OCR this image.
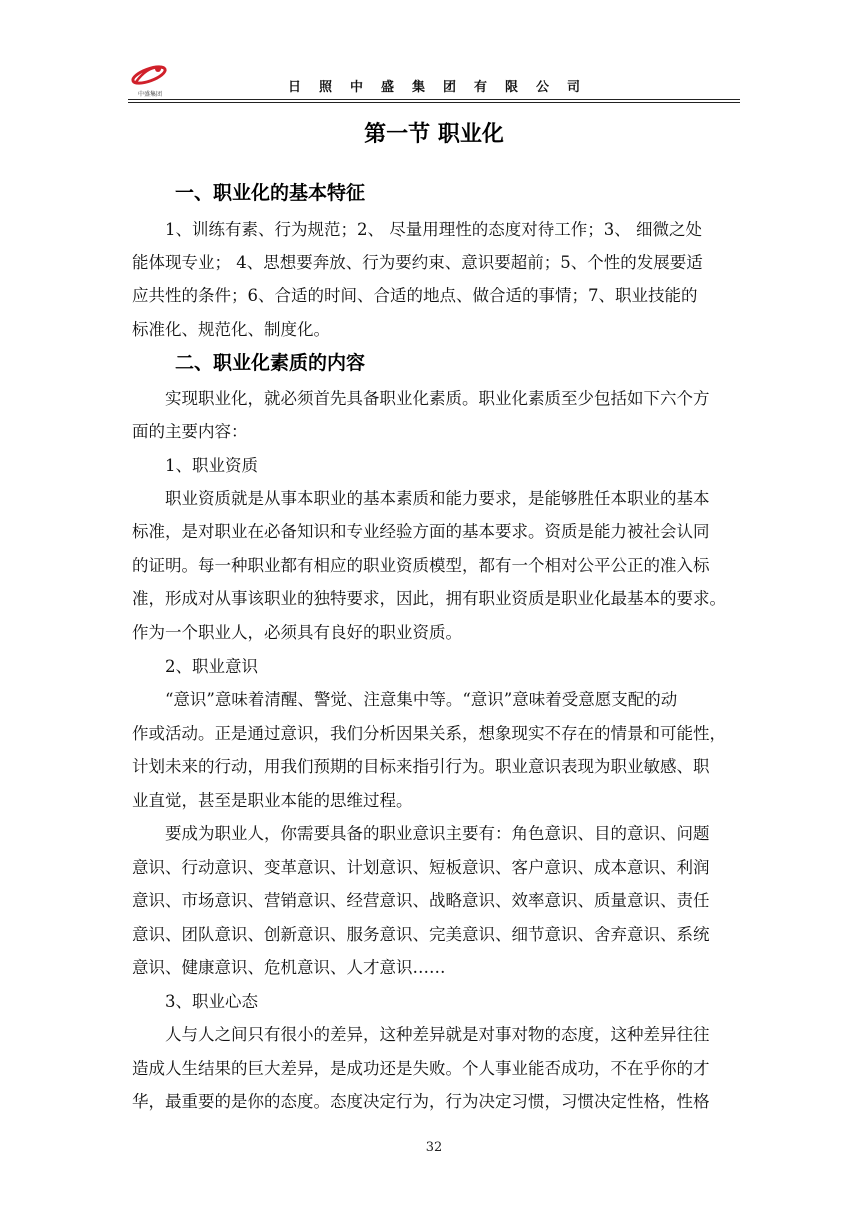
中盛集团	日照中盛集团有限公司
第一节 职业化
一、职业化的基本特征
1、训练有素、行为规范；2、 尽量用理性的态度对待工作；3、 细微之处
能体现专业； 4、思想要奔放、行为要约束、意识要超前；5、个性的发展要适
应共性的条件；6、合适的时间、合适的地点、做合适的事情；7、职业技能的
标准化、规范化、制度化。
二、职业化素质的内容
实现职业化，就必须首先具备职业化素质。职业化素质至少包括如下六个方
面的主要内容：
1、职业资质
职业资质就是从事本职业的基本素质和能力要求，是能够胜任本职业的基本
标准，是对职业在必备知识和专业经验方面的基本要求。资质是能力被社会认同
的证明。每一种职业都有相应的职业资质模型，都有一个相对公平公正的准入标
准，形成对从事该职业的独特要求，因此，拥有职业资质是职业化最基本的要求。
作为一个职业人，必须具有良好的职业资质。
2、职业意识
“意识”意味着清醒、警觉、注意集中等。“意识”意味着受意愿支配的动
作或活动。正是通过意识，我们分析因果关系，想象现实不存在的情景和可能性，
计划未来的行动，用我们预期的目标来指引行为。职业意识表现为职业敏感、职
业直觉，甚至是职业本能的思维过程。
要成为职业人，你需要具备的职业意识主要有：角色意识、目的意识、问题
意识、行动意识、变革意识、计划意识、短板意识、客户意识、成本意识、利润
意识、市场意识、营销意识、经营意识、战略意识、效率意识、质量意识、责任
意识、团队意识、创新意识、服务意识、完美意识、细节意识、舍弃意识、系统
意识、健康意识、危机意识、人才意识……
3、职业心态
人与人之间只有很小的差异，这种差异就是对事对物的态度，这种差异往往
造成人生结果的巨大差异，是成功还是失败。个人事业能否成功，不在乎你的才
华，最重要的是你的态度。态度决定行为，行为决定习惯，习惯决定性格，性格
32
